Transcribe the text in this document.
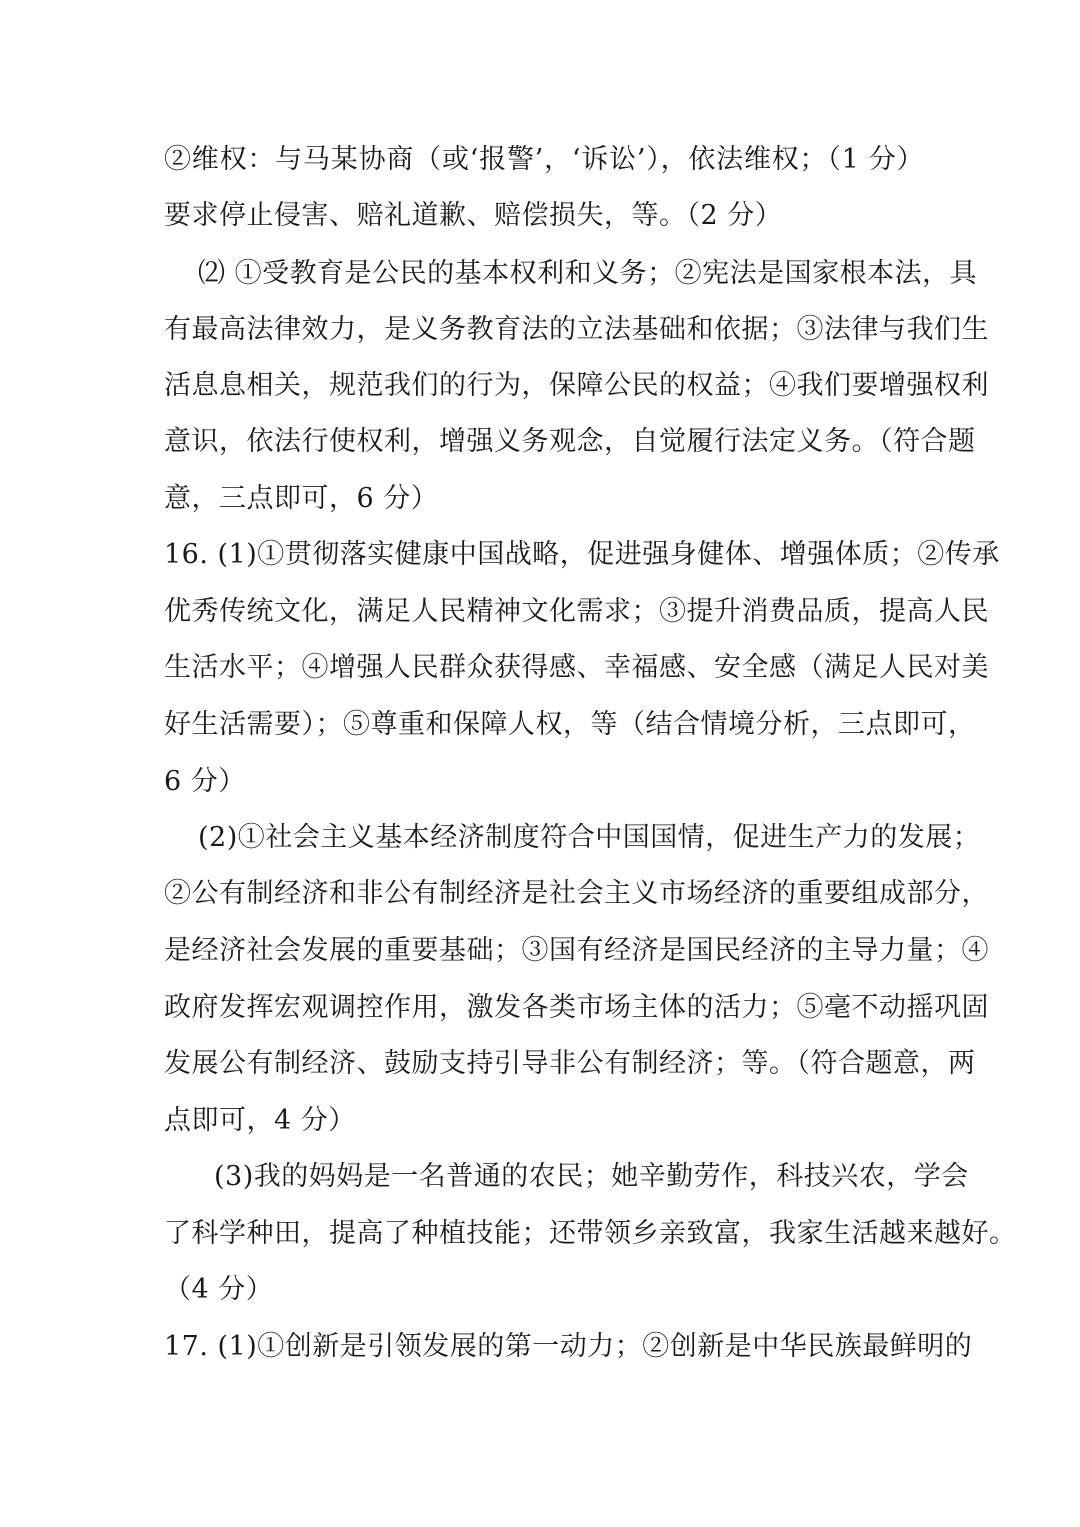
②维权：与马某协商（或‘报警’，‘诉讼’），依法维权；（1 分）
要求停止侵害、赔礼道歉、赔偿损失，等。（2 分）
⑵ ①受教育是公民的基本权利和义务；②宪法是国家根本法，具
有最高法律效力，是义务教育法的立法基础和依据；③法律与我们生
活息息相关，规范我们的行为，保障公民的权益；④我们要增强权利
意识，依法行使权利，增强义务观念，自觉履行法定义务。（符合题
意，三点即可，6 分）
16. (1)①贯彻落实健康中国战略，促进强身健体、增强体质；②传承
优秀传统文化，满足人民精神文化需求；③提升消费品质，提高人民
生活水平；④增强人民群众获得感、幸福感、安全感（满足人民对美
好生活需要）；⑤尊重和保障人权，等（结合情境分析，三点即可，
6 分）
(2)①社会主义基本经济制度符合中国国情，促进生产力的发展；
②公有制经济和非公有制经济是社会主义市场经济的重要组成部分，
是经济社会发展的重要基础；③国有经济是国民经济的主导力量；④
政府发挥宏观调控作用，激发各类市场主体的活力；⑤毫不动摇巩固
发展公有制经济、鼓励支持引导非公有制经济；等。（符合题意，两
点即可，4 分）
(3)我的妈妈是一名普通的农民；她辛勤劳作，科技兴农，学会
了科学种田，提高了种植技能；还带领乡亲致富，我家生活越来越好。
（4 分）
17. (1)①创新是引领发展的第一动力；②创新是中华民族最鲜明的
